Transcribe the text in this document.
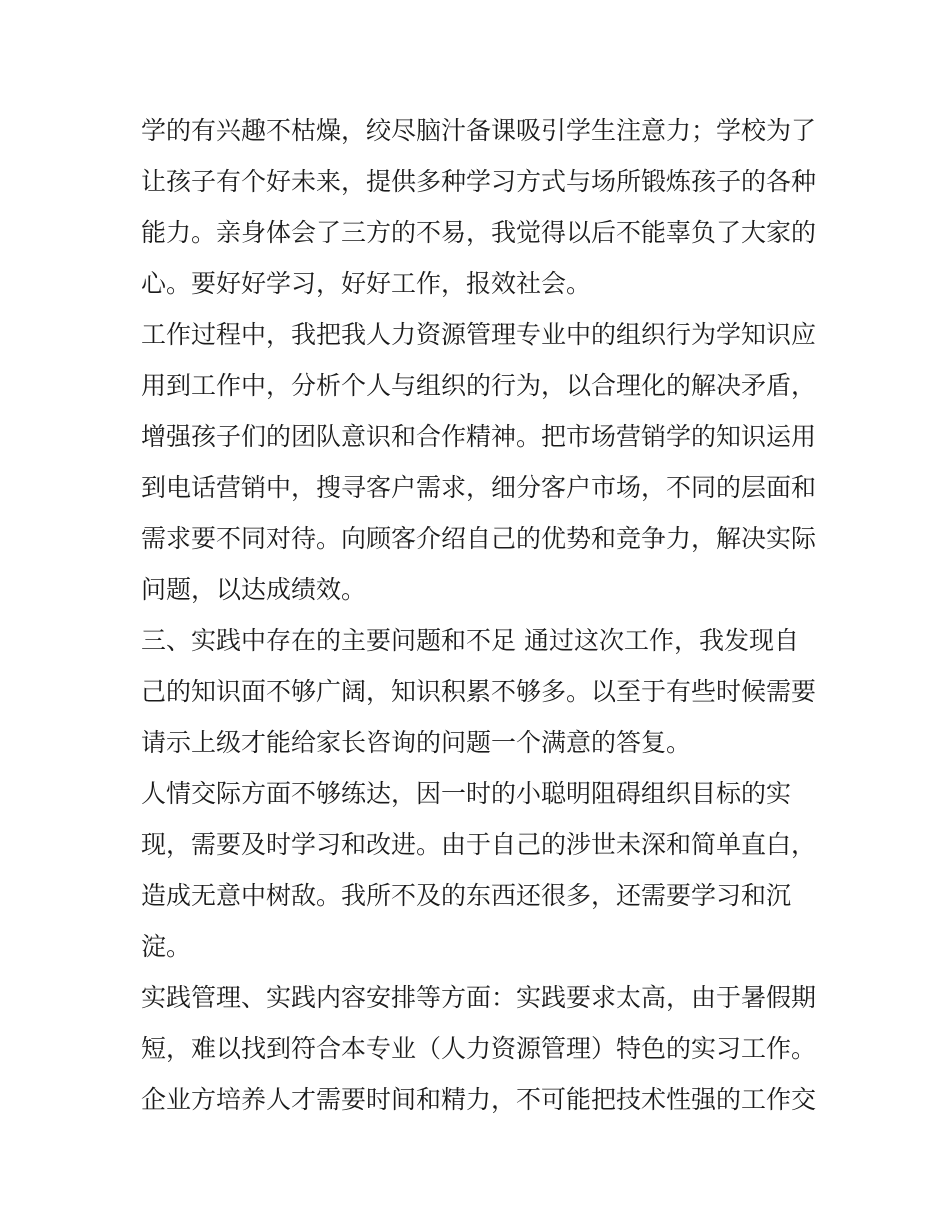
学的有兴趣不枯燥，绞尽脑汁备课吸引学生注意力；学校为了
让孩子有个好未来，提供多种学习方式与场所锻炼孩子的各种
能力。亲身体会了三方的不易，我觉得以后不能辜负了大家的
心。要好好学习，好好工作，报效社会。
工作过程中，我把我人力资源管理专业中的组织行为学知识应
用到工作中，分析个人与组织的行为，以合理化的解决矛盾，
增强孩子们的团队意识和合作精神。把市场营销学的知识运用
到电话营销中，搜寻客户需求，细分客户市场，不同的层面和
需求要不同对待。向顾客介绍自己的优势和竞争力，解决实际
问题，以达成绩效。
三、实践中存在的主要问题和不足 通过这次工作，我发现自
己的知识面不够广阔，知识积累不够多。以至于有些时候需要
请示上级才能给家长咨询的问题一个满意的答复。
人情交际方面不够练达，因一时的小聪明阻碍组织目标的实
现，需要及时学习和改进。由于自己的涉世未深和简单直白，
造成无意中树敌。我所不及的东西还很多，还需要学习和沉
淀。
实践管理、实践内容安排等方面：实践要求太高，由于暑假期
短，难以找到符合本专业（人力资源管理）特色的实习工作。
企业方培养人才需要时间和精力，不可能把技术性强的工作交
